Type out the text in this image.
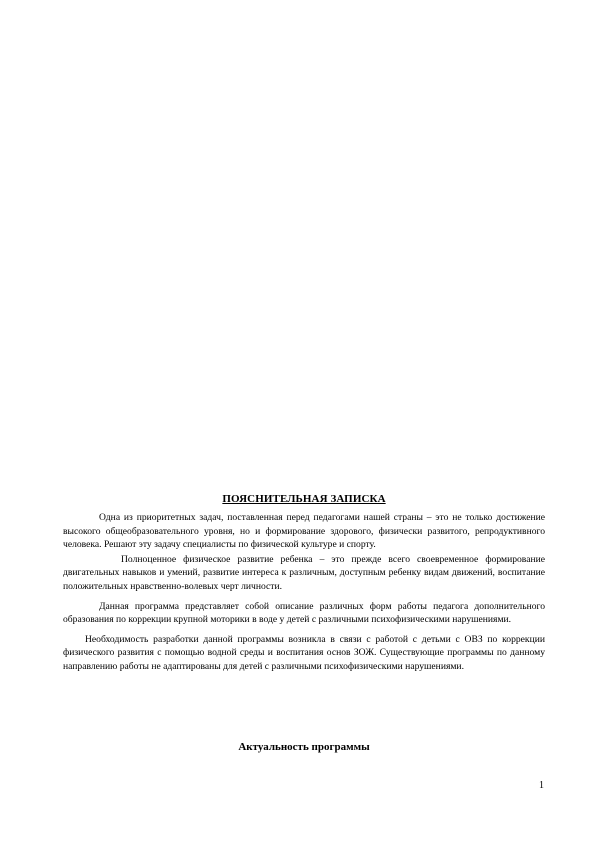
ПОЯСНИТЕЛЬНАЯ ЗАПИСКА

Одна из приоритетных задач, поставленная перед педагогами нашей страны – это не только достижение высокого общеобразовательного уровня, но и формирование здорового, физически развитого, репродуктивного человека. Решают эту задачу специалисты по физической культуре и спорту.

Полноценное физическое развитие ребенка – это прежде всего своевременное формирование двигательных навыков и умений, развитие интереса к различным, доступным ребенку видам движений, воспитание положительных нравственно-волевых черт личности.

Данная программа представляет собой описание различных форм работы педагога дополнительного образования по коррекции крупной моторики в воде у детей с различными психофизическими нарушениями.

Необходимость разработки данной программы возникла в связи с работой с детьми с ОВЗ по коррекции физического развития с помощью водной среды и воспитания основ ЗОЖ. Существующие программы по данному направлению работы не адаптированы для детей с различными психофизическими нарушениями.

Актуальность программы
1
